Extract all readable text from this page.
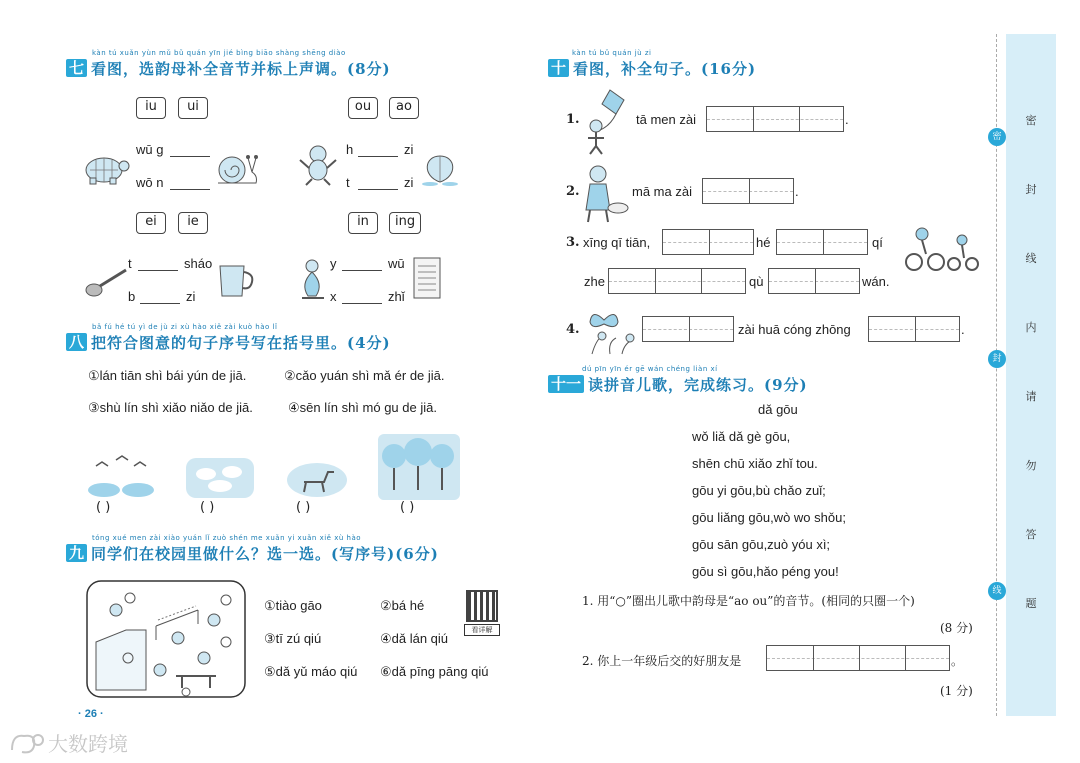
kàn tú xuǎn yùn mǔ bǔ quán yīn jié bìng biāo shàng shēng diào
七 看图，选韵母补全音节并标上声调。(8分)
iu	ui
wū g
wō n
ou	ao
h	zi
t	zi
ei	ie
t	sháo
b	zi
in	ing
y	wū
x	zhǐ
bǎ fú hé tú yì de jù zi xù hào xiě zài kuò hào lǐ
八 把符合图意的句子序号写在括号里。(4分)
①lán tiān shì bái yún de jiā.	②cǎo yuán shì mǎ ér de jiā.
③shù lín shì xiǎo niǎo de jiā.	④sēn lín shì mó gu de jiā.
( )	( )	( )	( )
tóng xué men zài xiào yuán lǐ zuò shén me xuǎn yi xuǎn xiě xù hào
九 同学们在校园里做什么？选一选。(写序号)(6分)
①tiào gāo	②bá hé
③tī zú qiú	④dǎ lán qiú
⑤dǎ yǔ máo qiú ⑥dǎ pīng pāng qiú
看详解
· 26 ·
大数跨境
kàn tú bǔ quán jù zi
十 看图，补全句子。(16分)
1.	tā men zài	.
2.	mā ma zài	.
3. xīng qī tiān,	hé	qí
zhe	qù	wán.
4.	zài huā cóng zhōng	.
dú pīn yīn ér gē wán chéng liàn xí
十一 读拼音儿歌，完成练习。(9分)
dǎ gōu
wǒ liǎ dǎ gè gōu,
shēn chū xiǎo zhǐ tou.
gōu yi gōu,bù chǎo zuǐ;
gōu liǎng gōu,wò wo shǒu;
gōu sān gōu,zuò yóu xì;
gōu sì gōu,hǎo péng you!
1. 用“○”圈出儿歌中韵母是“ao ou”的音节。(相同的只圈一个)
(8 分)
2. 你上一年级后交的好朋友是	。
(1 分)
密
封
线
内
请
勿
答
题
密
封
线
